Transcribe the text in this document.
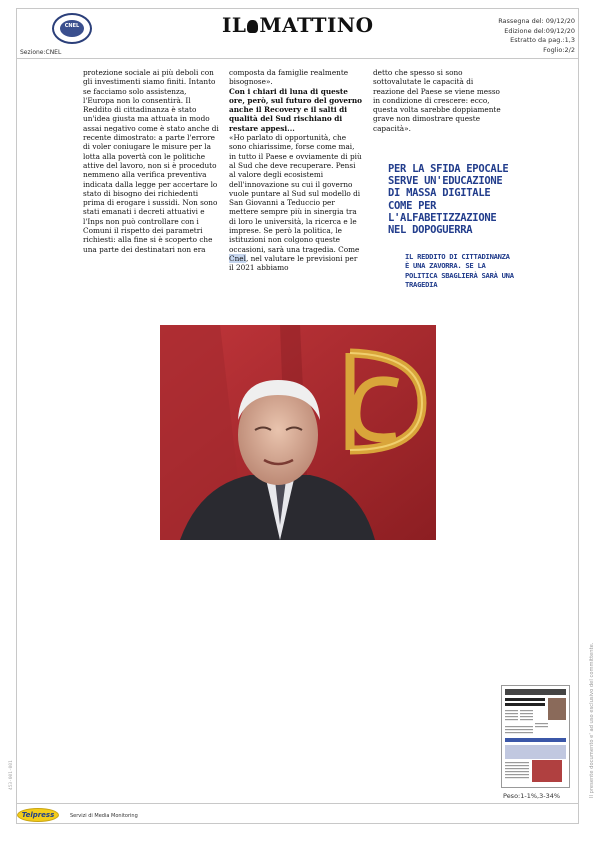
CNEL
Sezione:CNEL
IL MATTINO	Rassegna del: 09/12/20
Edizione del:09/12/20
Estratto da pag.:1,3
Foglio:2/2

protezione sociale ai più deboli con gli investimenti siamo finiti. Intanto se facciamo solo assistenza, l'Europa non lo consentirà. Il Reddito di cittadinanza è stato un'idea giusta ma attuata in modo assai negativo come è stato anche di recente dimostrato: a parte l'errore di voler coniugare le misure per la lotta alla povertà con le politiche attive del lavoro, non si è proceduto nemmeno alla verifica preventiva indicata dalla legge per accertare lo stato di bisogno dei richiedenti prima di erogare i sussidi. Non sono stati emanati i decreti attuativi e l'Inps non può controllare con i Comuni il rispetto dei parametri richiesti: alla fine si è scoperto che una parte dei destinatari non era

composta da famiglie realmente bisognose».

Con i chiari di luna di queste ore, però, sul futuro del governo anche il Recovery e il salti di qualità del Sud rischiano di restare appesi...

«Ho parlato di opportunità, che sono chiarissime, forse come mai, in tutto il Paese e ovviamente di più al Sud che deve recuperare. Pensi al valore degli ecosistemi dell'innovazione su cui il governo vuole puntare al Sud sul modello di San Giovanni a Teduccio per mettere sempre più in sinergia tra di loro le università, la ricerca e le imprese. Se però la politica, le istituzioni non colgono queste occasioni, sarà una tragedia. Come Cnel, nel valutare le previsioni per il 2021 abbiamo

detto che spesso si sono sottovalutate le capacità di reazione del Paese se viene messo in condizione di crescere: ecco, questa volta sarebbe doppiamente grave non dimostrare queste capacità».

PER LA SFIDA EPOCALE SERVE UN'EDUCAZIONE DI MASSA DIGITALE COME PER L'ALFABETIZZAZIONE NEL DOPOGUERRA
IL REDDITO DI CITTADINANZA È UNA ZAVORRA. SE LA POLITICA SBAGLIERÀ SARÀ UNA TRAGEDIA
Peso:1-1%,3-34%
Telpress	Servizi di Media Monitoring
Il presente documento e' ad uso esclusivo del committente.
453-001-001
